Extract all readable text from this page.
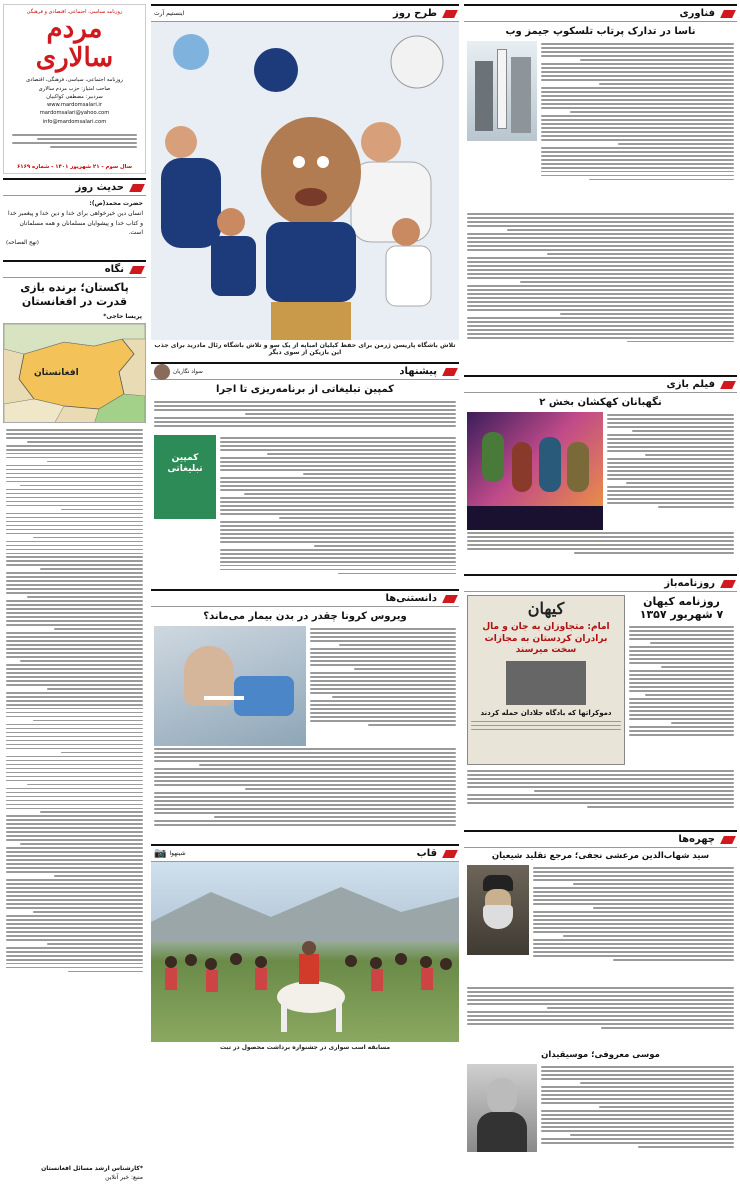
روزنامه سیاسی، اجتماعی، اقتصادی و فرهنگی
مردم سالاری
روزنامه اجتماعی، سیاسی، فرهنگی، اقتصادی
صاحب امتیاز: حزب مردم سالاری
سردبیر: مصطفی کواکبیان
www.mardomsalari.ir
mardomsalari@yahoo.com
info@mardomsalari.com
سال سوم - ۲۱ شهریور ۱۴۰۱ - شماره ۶۱۶۹
حدیث روز
حضرت محمد(ص):
انسان دین خیرخواهی برای خدا و دین خدا و پیغمبر خدا و کتاب خدا و پیشوایان مسلمانان و همه مسلمانان است.
(نهج الفصاحه)
نگاه
پاکستان؛ برنده بازی قدرت در افغانستان
پریسا حاجی‌*
افغانستان
*کارشناس ارشد مسائل افغانستان
منبع: خبر آنلاین
طرح روز
اینستیم آرت
تلاش باشگاه پاریسن ژرمن برای حفظ کیلیان امباپه از یک سو و تلاش باشگاه رئال مادرید برای جذب این بازیکن از سوی دیگر
پیشنهاد
سواد نگاریان
کمپین تبلیغاتی از برنامه‌ریزی تا اجرا
کمپین تبلیغاتی
دانستنی‌ها
ویروس کرونا چقدر در بدن بیمار می‌ماند؟
قاب
شینهوا
📷
مسابقه اسب سواری در جشنواره برداشت محصول در تبت
فناوری
ناسا در تدارک پرتاب تلسکوپ جیمز وب
فیلم بازی
نگهبانان کهکشان بخش ۲
روزنامه‌باز
روزنامه کیهان
۷ شهریور ۱۳۵۷
کیهان
امام: متجاوزان به جان و مال برادران کردستان به مجازات سخت میرسند
دموکراتها که بادگاه جلادان حمله کردند
چهره‌ها
سید شهاب‌الدین مرعشی نجفی؛ مرجع تقلید شیعیان
موسی معروفی؛ موسیقیدان
